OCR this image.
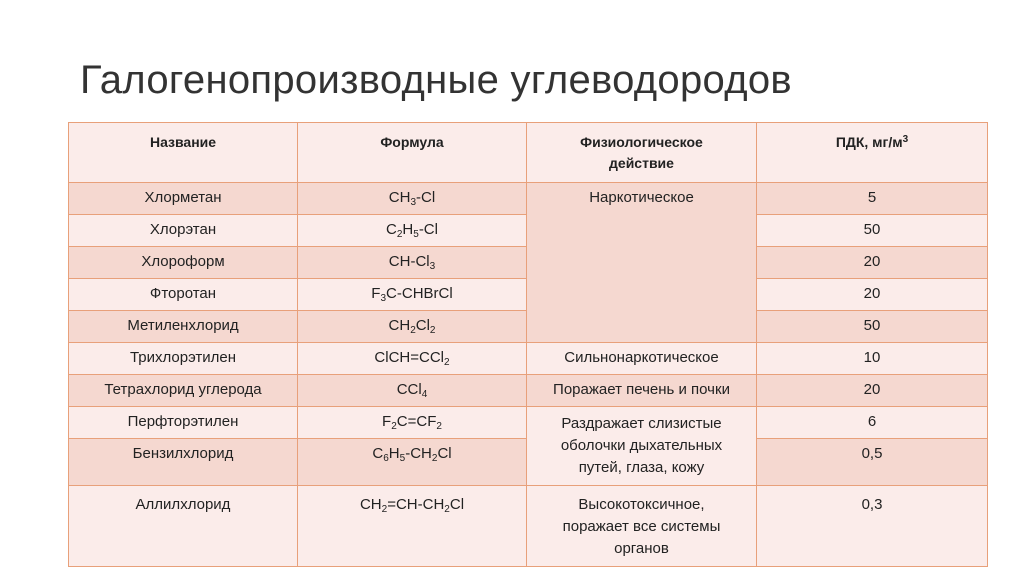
Галогенопроизводные углеводородов
Название	Формула	Физиологическое
действие	ПДК, $мг/м^3$
Хлорметан	$CH_3-Cl$	Наркотическое	5
Хлорэтан	$C_2H_5-Cl$		50
Хлороформ	$CH-Cl_3$		20
Фторотан	$F_3C$-CHBrCl		20
Метиленхлорид	$CH_2Cl_2$		50
Трихлорэтилен	ClCH=CCl$_2$	Сильнонаркотическое	10
Тетрахлорид углерода	CCl$_4$	Поражает печень и почки	20
Перфторэтилен	$F_2C=CF_2$	Раздражает слизистые
оболочки дыхательных
путей, глаза, кожу	6
Бензилхлорид	$C_6H_5-CH_2Cl$		0,5
Аллилхлорид	$CH_2=CH-CH_2Cl$	Высокотоксичное,
поражает все системы
органов	0,3
